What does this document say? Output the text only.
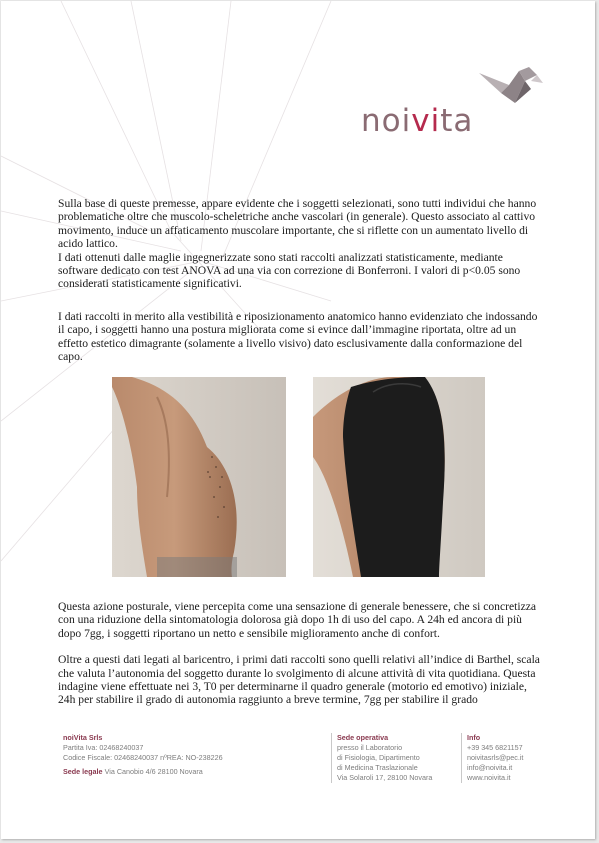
noivita
Sulla base di queste premesse, appare evidente che i soggetti selezionati, sono tutti individui che hanno problematiche oltre che muscolo-scheletriche anche vascolari (in generale). Questo associato al cattivo movimento, induce un affaticamento muscolare importante, che si riflette con un aumentato livello di acido lattico.
I dati ottenuti dalle maglie ingegnerizzate sono stati raccolti analizzati statisticamente, mediante software dedicato con test ANOVA ad una via con correzione di Bonferroni. I valori di p<0.05 sono considerati statisticamente significativi.
I dati raccolti in merito alla vestibilità e riposizionamento anatomico hanno evidenziato che indossando il capo, i soggetti hanno una postura migliorata come si evince dall’immagine riportata, oltre ad un effetto estetico dimagrante (solamente a livello visivo) dato esclusivamente dalla conformazione del capo.

Questa azione posturale, viene percepita come una sensazione di generale benessere, che si concretizza con una riduzione della sintomatologia dolorosa già dopo 1h di uso del capo. A 24h ed ancora di più dopo 7gg, i soggetti riportano un netto e sensibile miglioramento anche di confort.

Oltre a questi dati legati al baricentro, i primi dati raccolti sono quelli relativi all’indice di Barthel, scala che valuta l’autonomia del soggetto durante lo svolgimento di alcune attività di vita quotidiana. Questa indagine viene effettuate nei 3, T0 per determinarne il quadro generale (motorio ed emotivo) iniziale, 24h per stabilire il grado di autonomia raggiunto a breve termine, 7gg per stabilire il grado

noiVita Srls
Partita Iva: 02468240037
Codice Fiscale: 02468240037 nºREA: NO-238226
Sede legale Via Canobio 4/6 28100 Novara
Sede operativa
presso il Laboratorio
di Fisiologia, Dipartimento
di Medicina Traslazionale
Via Solaroli 17, 28100 Novara
Info
+39 345 6821157
noivitasrls@pec.it
info@noivita.it
www.noivita.it
